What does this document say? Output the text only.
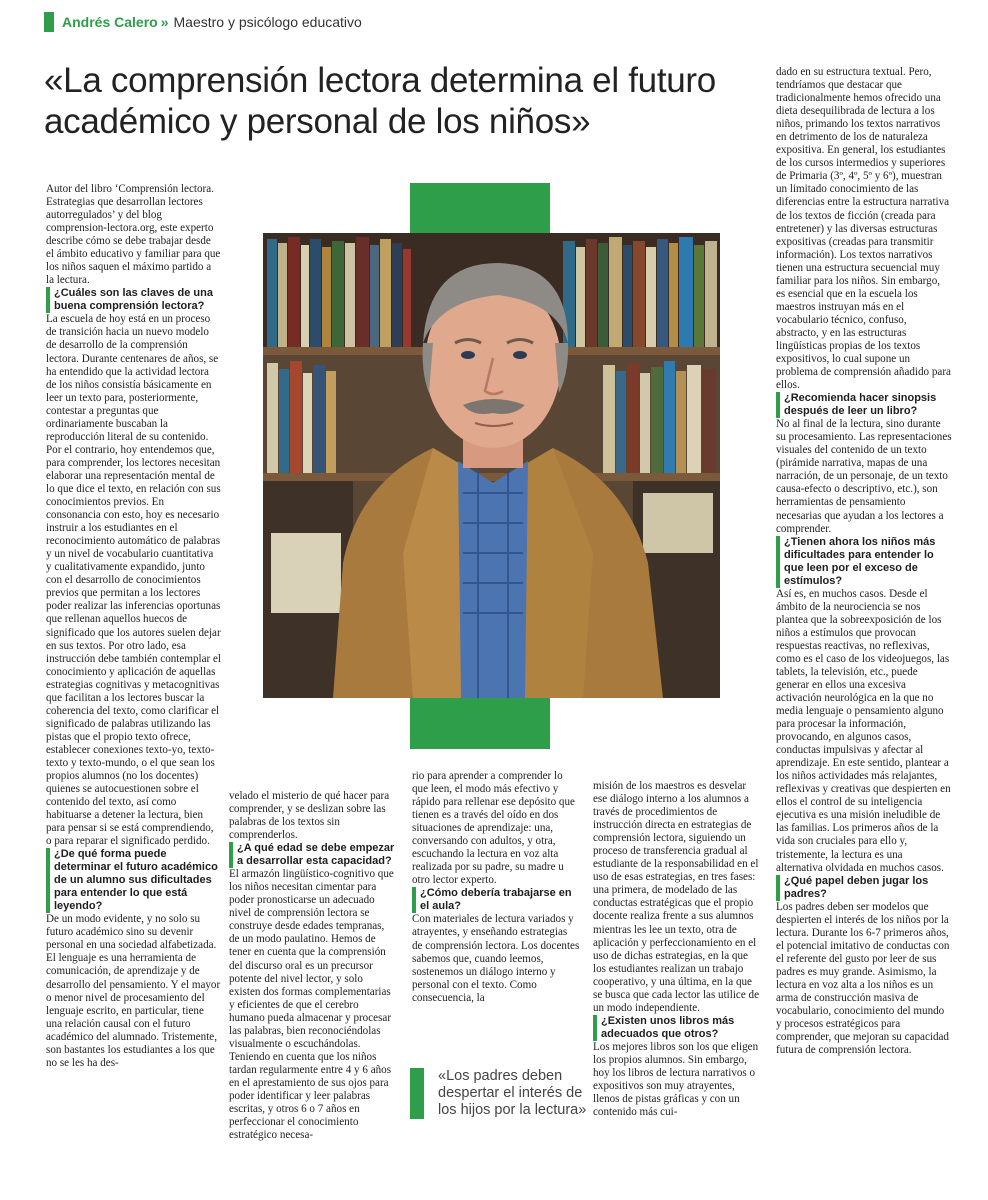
Andrés Calero » Maestro y psicólogo educativo
«La comprensión lectora determina el futuro académico y personal de los niños»

Autor del libro ‘Comprensión lectora. Estrategias que desarrollan lectores autorregulados’ y del blog comprension-lectora.org, este experto describe cómo se debe trabajar desde el ámbito educativo y familiar para que los niños saquen el máximo partido a la lectura.

¿Cuáles son las claves de una buena comprensión lectora?

La escuela de hoy está en un proceso de transición hacia un nuevo modelo de desarrollo de la comprensión lectora. Durante centenares de años, se ha entendido que la actividad lectora de los niños consistía básicamente en leer un texto para, posteriormente, contestar a preguntas que ordinariamente buscaban la reproducción literal de su contenido. Por el contrario, hoy entendemos que, para comprender, los lectores necesitan elaborar una representación mental de lo que dice el texto, en relación con sus conocimientos previos. En consonancia con esto, hoy es necesario instruir a los estudiantes en el reconocimiento automático de palabras y un nivel de vocabulario cuantitativa y cualitativamente expandido, junto con el desarrollo de conocimientos previos que permitan a los lectores poder realizar las inferencias oportunas que rellenan aquellos huecos de significado que los autores suelen dejar en sus textos. Por otro lado, esa instrucción debe también contemplar el conocimiento y aplicación de aquellas estrategias cognitivas y metacognitivas que facilitan a los lectores buscar la coherencia del texto, como clarificar el significado de palabras utilizando las pistas que el propio texto ofrece, establecer conexiones texto-yo, texto-texto y texto-mundo, o el que sean los propios alumnos (no los docentes) quienes se autocuestionen sobre el contenido del texto, así como habituarse a detener la lectura, bien para pensar si se está comprendiendo, o para reparar el significado perdido.

¿De qué forma puede determinar el futuro académico de un alumno sus dificultades para entender lo que está leyendo?

De un modo evidente, y no solo su futuro académico sino su devenir personal en una sociedad alfabetizada. El lenguaje es una herramienta de comunicación, de aprendizaje y de desarrollo del pensamiento. Y el mayor o menor nivel de procesamiento del lenguaje escrito, en particular, tiene una relación causal con el futuro académico del alumnado. Tristemente, son bastantes los estudiantes a los que no se les ha des-

velado el misterio de qué hacer para comprender, y se deslizan sobre las palabras de los textos sin comprenderlos.

¿A qué edad se debe empezar a desarrollar esta capacidad?

El armazón lingüístico-cognitivo que los niños necesitan cimentar para poder pronosticarse un adecuado nivel de comprensión lectora se construye desde edades tempranas, de un modo paulatino. Hemos de tener en cuenta que la comprensión del discurso oral es un precursor potente del nivel lector, y solo existen dos formas complementarias y eficientes de que el cerebro humano pueda almacenar y procesar las palabras, bien reconociéndolas visualmente o escuchándolas. Teniendo en cuenta que los niños tardan regularmente entre 4 y 6 años en el aprestamiento de sus ojos para poder identificar y leer palabras escritas, y otros 6 o 7 años en perfeccionar el conocimiento estratégico necesa-

rio para aprender a comprender lo que leen, el modo más efectivo y rápido para rellenar ese depósito que tienen es a través del oído en dos situaciones de aprendizaje: una, conversando con adultos, y otra, escuchando la lectura en voz alta realizada por su padre, su madre u otro lector experto.

¿Cómo debería trabajarse en el aula?

Con materiales de lectura variados y atrayentes, y enseñando estrategias de comprensión lectora. Los docentes sabemos que, cuando leemos, sostenemos un diálogo interno y personal con el texto. Como consecuencia, la

«Los padres deben despertar el interés de los hijos por la lectura»

misión de los maestros es desvelar ese diálogo interno a los alumnos a través de procedimientos de instrucción directa en estrategias de comprensión lectora, siguiendo un proceso de transferencia gradual al estudiante de la responsabilidad en el uso de esas estrategias, en tres fases: una primera, de modelado de las conductas estratégicas que el propio docente realiza frente a sus alumnos mientras les lee un texto, otra de aplicación y perfeccionamiento en el uso de dichas estrategias, en la que los estudiantes realizan un trabajo cooperativo, y una última, en la que se busca que cada lector las utilice de un modo independiente.

¿Existen unos libros más adecuados que otros?

Los mejores libros son los que eligen los propios alumnos. Sin embargo, hoy los libros de lectura narrativos o expositivos son muy atrayentes, llenos de pistas gráficas y con un contenido más cui-

dado en su estructura textual. Pero, tendríamos que destacar que tradicionalmente hemos ofrecido una dieta desequilibrada de lectura a los niños, primando los textos narrativos en detrimento de los de naturaleza expositiva. En general, los estudiantes de los cursos intermedios y superiores de Primaria (3º, 4º, 5º y 6º), muestran un limitado conocimiento de las diferencias entre la estructura narrativa de los textos de ficción (creada para entretener) y las diversas estructuras expositivas (creadas para transmitir información). Los textos narrativos tienen una estructura secuencial muy familiar para los niños. Sin embargo, es esencial que en la escuela los maestros instruyan más en el vocabulario técnico, confuso, abstracto, y en las estructuras lingüísticas propias de los textos expositivos, lo cual supone un problema de comprensión añadido para ellos.

¿Recomienda hacer sinopsis después de leer un libro?

No al final de la lectura, sino durante su procesamiento. Las representaciones visuales del contenido de un texto (pirámide narrativa, mapas de una narración, de un personaje, de un texto causa-efecto o descriptivo, etc.), son herramientas de pensamiento necesarias que ayudan a los lectores a comprender.

¿Tienen ahora los niños más dificultades para entender lo que leen por el exceso de estímulos?

Así es, en muchos casos. Desde el ámbito de la neurociencia se nos plantea que la sobreexposición de los niños a estímulos que provocan respuestas reactivas, no reflexivas, como es el caso de los videojuegos, las tablets, la televisión, etc., puede generar en ellos una excesiva activación neurológica en la que no media lenguaje o pensamiento alguno para procesar la información, provocando, en algunos casos, conductas impulsivas y afectar al aprendizaje. En este sentido, plantear a los niños actividades más relajantes, reflexivas y creativas que despierten en ellos el control de su inteligencia ejecutiva es una misión ineludible de las familias. Los primeros años de la vida son cruciales para ello y, tristemente, la lectura es una alternativa olvidada en muchos casos.

¿Qué papel deben jugar los padres?

Los padres deben ser modelos que despierten el interés de los niños por la lectura. Durante los 6-7 primeros años, el potencial imitativo de conductas con el referente del gusto por leer de sus padres es muy grande. Asimismo, la lectura en voz alta a los niños es un arma de construcción masiva de vocabulario, conocimiento del mundo y procesos estratégicos para comprender, que mejoran su capacidad futura de comprensión lectora.
